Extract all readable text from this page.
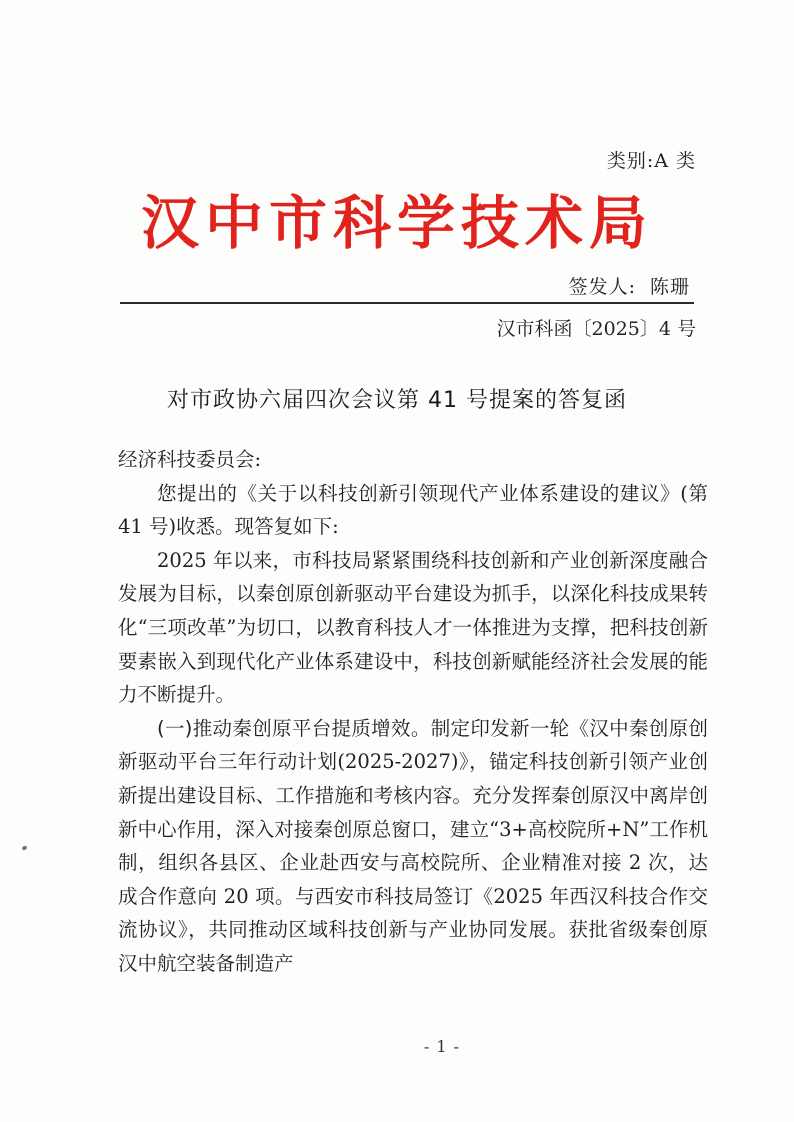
类别:A 类
汉中市科学技术局
签发人: 陈珊
汉市科函〔2025〕4 号
对市政协六届四次会议第 41 号提案的答复函

经济科技委员会:

您提出的《关于以科技创新引领现代产业体系建设的建议》(第 41 号)收悉。现答复如下:

2025 年以来，市科技局紧紧围绕科技创新和产业创新深度融合发展为目标，以秦创原创新驱动平台建设为抓手，以深化科技成果转化“三项改革”为切口，以教育科技人才一体推进为支撑，把科技创新要素嵌入到现代化产业体系建设中，科技创新赋能经济社会发展的能力不断提升。

(一)推动秦创原平台提质增效。制定印发新一轮《汉中秦创原创新驱动平台三年行动计划(2025-2027)》，锚定科技创新引领产业创新提出建设目标、工作措施和考核内容。充分发挥秦创原汉中离岸创新中心作用，深入对接秦创原总窗口，建立“3+高校院所+N”工作机制，组织各县区、企业赴西安与高校院所、企业精准对接 2 次，达成合作意向 20 项。与西安市科技局签订《2025 年西汉科技合作交流协议》，共同推动区域科技创新与产业协同发展。获批省级秦创原汉中航空装备制造产

- 1 -
